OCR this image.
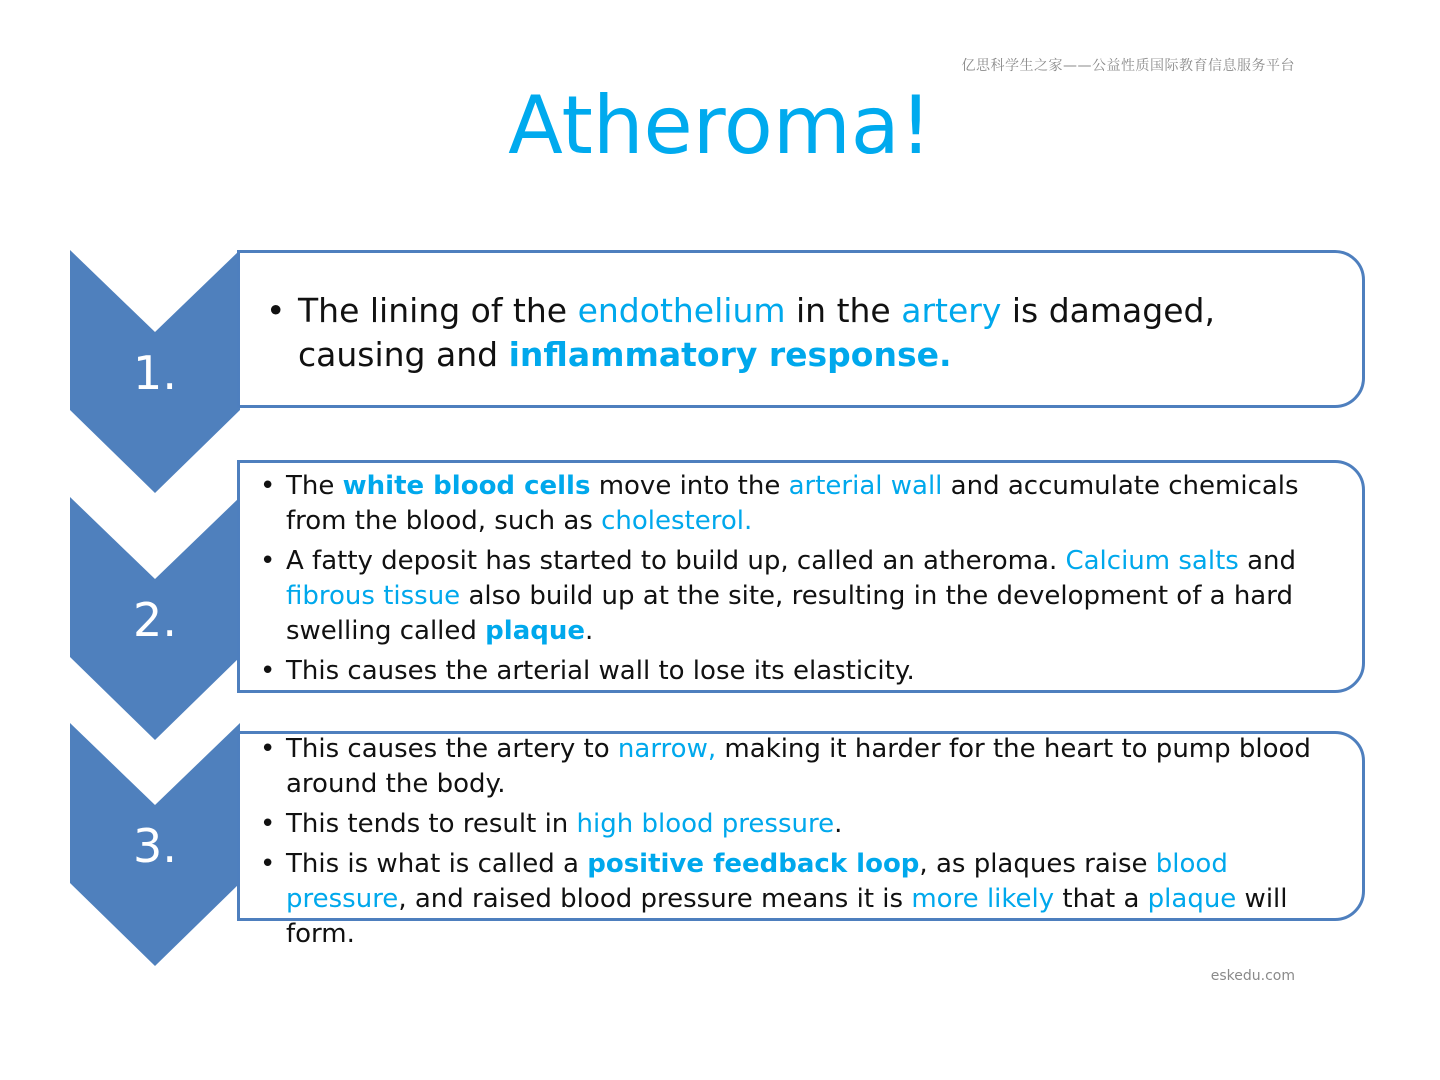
亿思科学生之家——公益性质国际教育信息服务平台
Atheroma!
1.
• The lining of the endothelium in the artery is damaged, causing and inflammatory response.
2.
• The white blood cells move into the arterial wall and accumulate chemicals from the blood, such as cholesterol.
• A fatty deposit has started to build up, called an atheroma. Calcium salts and fibrous tissue also build up at the site, resulting in the development of a hard swelling called plaque.
• This causes the arterial wall to lose its elasticity.
3.
• This causes the artery to narrow, making it harder for the heart to pump blood around the body.
• This tends to result in high blood pressure.
• This is what is called a positive feedback loop, as plaques raise blood pressure, and raised blood pressure means it is more likely that a plaque will form.
eskedu.com
